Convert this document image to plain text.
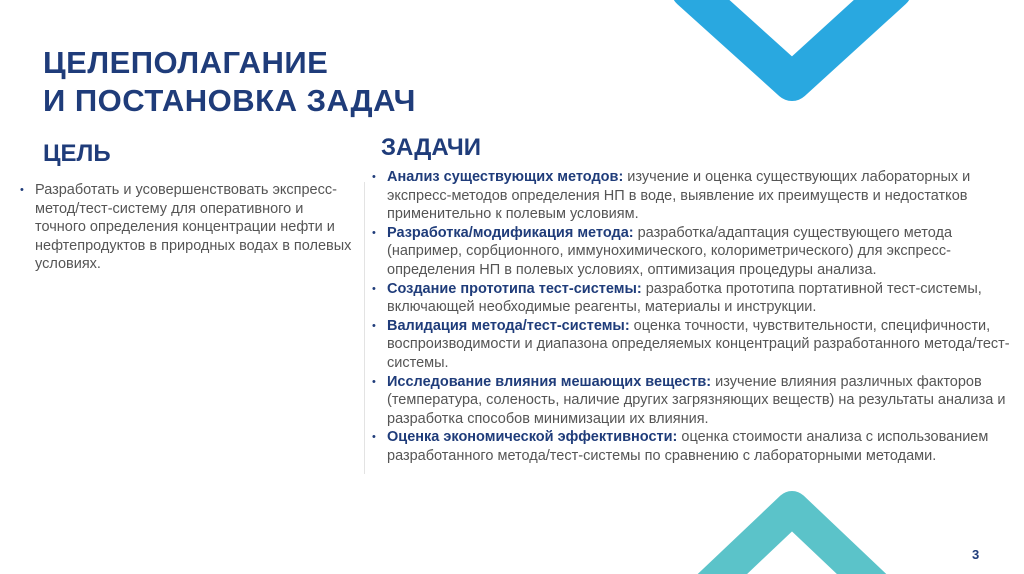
ЦЕЛЕПОЛАГАНИЕ
И ПОСТАНОВКА ЗАДАЧ
ЦЕЛЬ
• Разработать и усовершенствовать экспресс-метод/тест-систему для оперативного и точного определения концентрации нефти и нефтепродуктов в природных водах в полевых условиях.
ЗАДАЧИ
• Анализ существующих методов: изучение и оценка существующих лабораторных и экспресс-методов определения НП в воде, выявление их преимуществ и недостатков применительно к полевым условиям.
• Разработка/модификация метода: разработка/адаптация существующего метода (например, сорбционного, иммунохимического, колориметрического) для экспресс-определения НП в полевых условиях, оптимизация процедуры анализа.
• Создание прототипа тест-системы: разработка прототипа портативной тест-системы, включающей необходимые реагенты, материалы и инструкции.
• Валидация метода/тест-системы: оценка точности, чувствительности, специфичности, воспроизводимости и диапазона определяемых концентраций разработанного метода/тест-системы.
• Исследование влияния мешающих веществ: изучение влияния различных факторов (температура, соленость, наличие других загрязняющих веществ) на результаты анализа и разработка способов минимизации их влияния.
• Оценка экономической эффективности: оценка стоимости анализа с использованием разработанного метода/тест-системы по сравнению с лабораторными методами.
3
